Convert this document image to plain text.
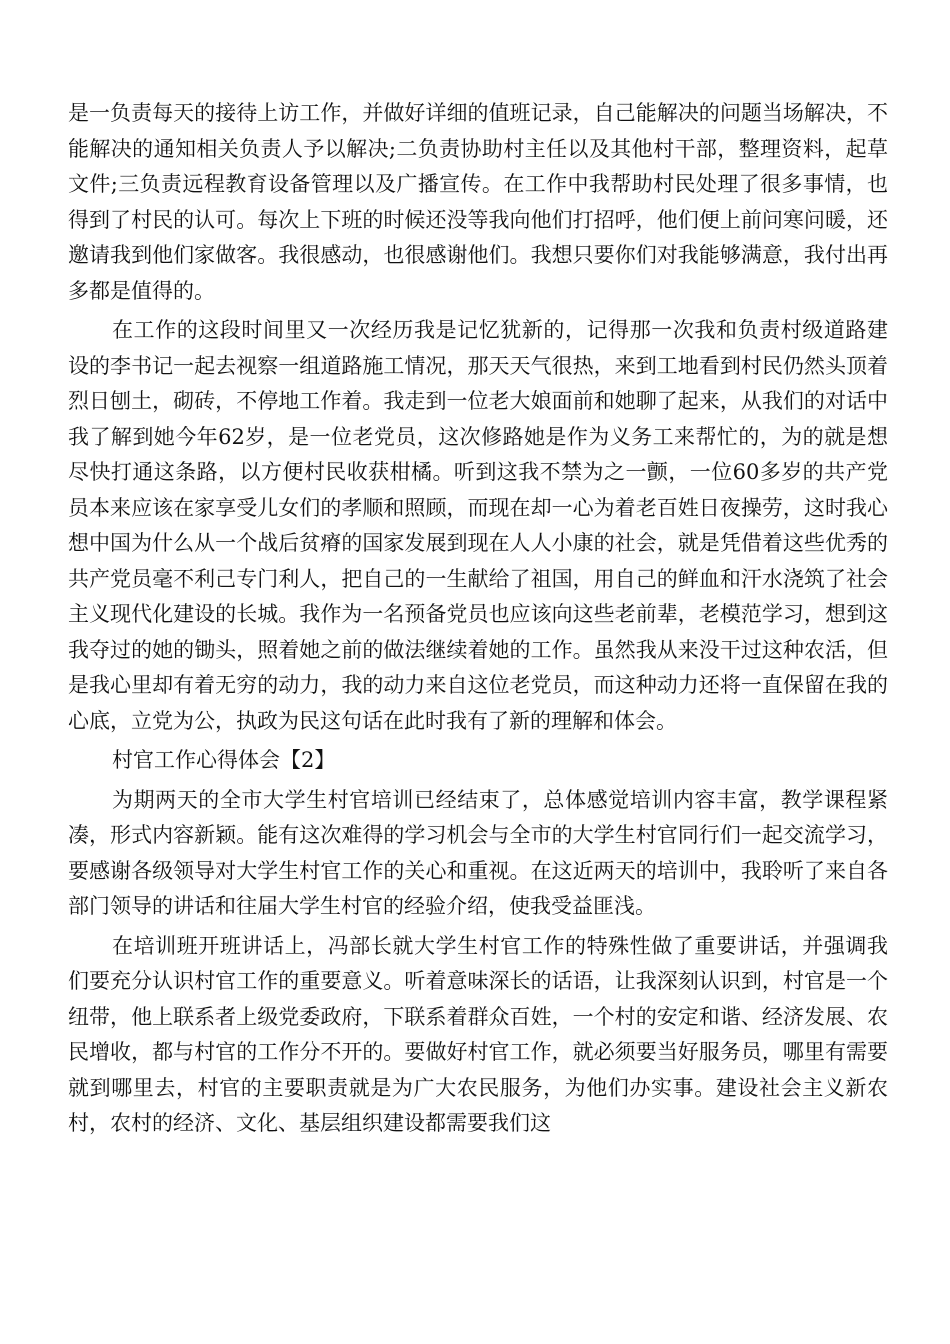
是一负责每天的接待上访工作，并做好详细的值班记录，自己能解决的问题当场解决，不能解决的通知相关负责人予以解决;二负责协助村主任以及其他村干部，整理资料，起草文件;三负责远程教育设备管理以及广播宣传。在工作中我帮助村民处理了很多事情，也得到了村民的认可。每次上下班的时候还没等我向他们打招呼，他们便上前问寒问暖，还邀请我到他们家做客。我很感动，也很感谢他们。我想只要你们对我能够满意，我付出再多都是值得的。

在工作的这段时间里又一次经历我是记忆犹新的，记得那一次我和负责村级道路建设的李书记一起去视察一组道路施工情况，那天天气很热，来到工地看到村民仍然头顶着烈日刨土，砌砖，不停地工作着。我走到一位老大娘面前和她聊了起来，从我们的对话中我了解到她今年62岁，是一位老党员，这次修路她是作为义务工来帮忙的，为的就是想尽快打通这条路，以方便村民收获柑橘。听到这我不禁为之一颤，一位60多岁的共产党员本来应该在家享受儿女们的孝顺和照顾，而现在却一心为着老百姓日夜操劳，这时我心想中国为什么从一个战后贫瘠的国家发展到现在人人小康的社会，就是凭借着这些优秀的共产党员毫不利己专门利人，把自己的一生献给了祖国，用自己的鲜血和汗水浇筑了社会主义现代化建设的长城。我作为一名预备党员也应该向这些老前辈，老模范学习，想到这我夺过的她的锄头，照着她之前的做法继续着她的工作。虽然我从来没干过这种农活，但是我心里却有着无穷的动力，我的动力来自这位老党员，而这种动力还将一直保留在我的心底，立党为公，执政为民这句话在此时我有了新的理解和体会。

村官工作心得体会【2】

为期两天的全市大学生村官培训已经结束了，总体感觉培训内容丰富，教学课程紧凑，形式内容新颖。能有这次难得的学习机会与全市的大学生村官同行们一起交流学习，要感谢各级领导对大学生村官工作的关心和重视。在这近两天的培训中，我聆听了来自各部门领导的讲话和往届大学生村官的经验介绍，使我受益匪浅。

在培训班开班讲话上，冯部长就大学生村官工作的特殊性做了重要讲话，并强调我们要充分认识村官工作的重要意义。听着意味深长的话语，让我深刻认识到，村官是一个纽带，他上联系者上级党委政府，下联系着群众百姓，一个村的安定和谐、经济发展、农民增收，都与村官的工作分不开的。要做好村官工作，就必须要当好服务员，哪里有需要就到哪里去，村官的主要职责就是为广大农民服务，为他们办实事。建设社会主义新农村，农村的经济、文化、基层组织建设都需要我们这
